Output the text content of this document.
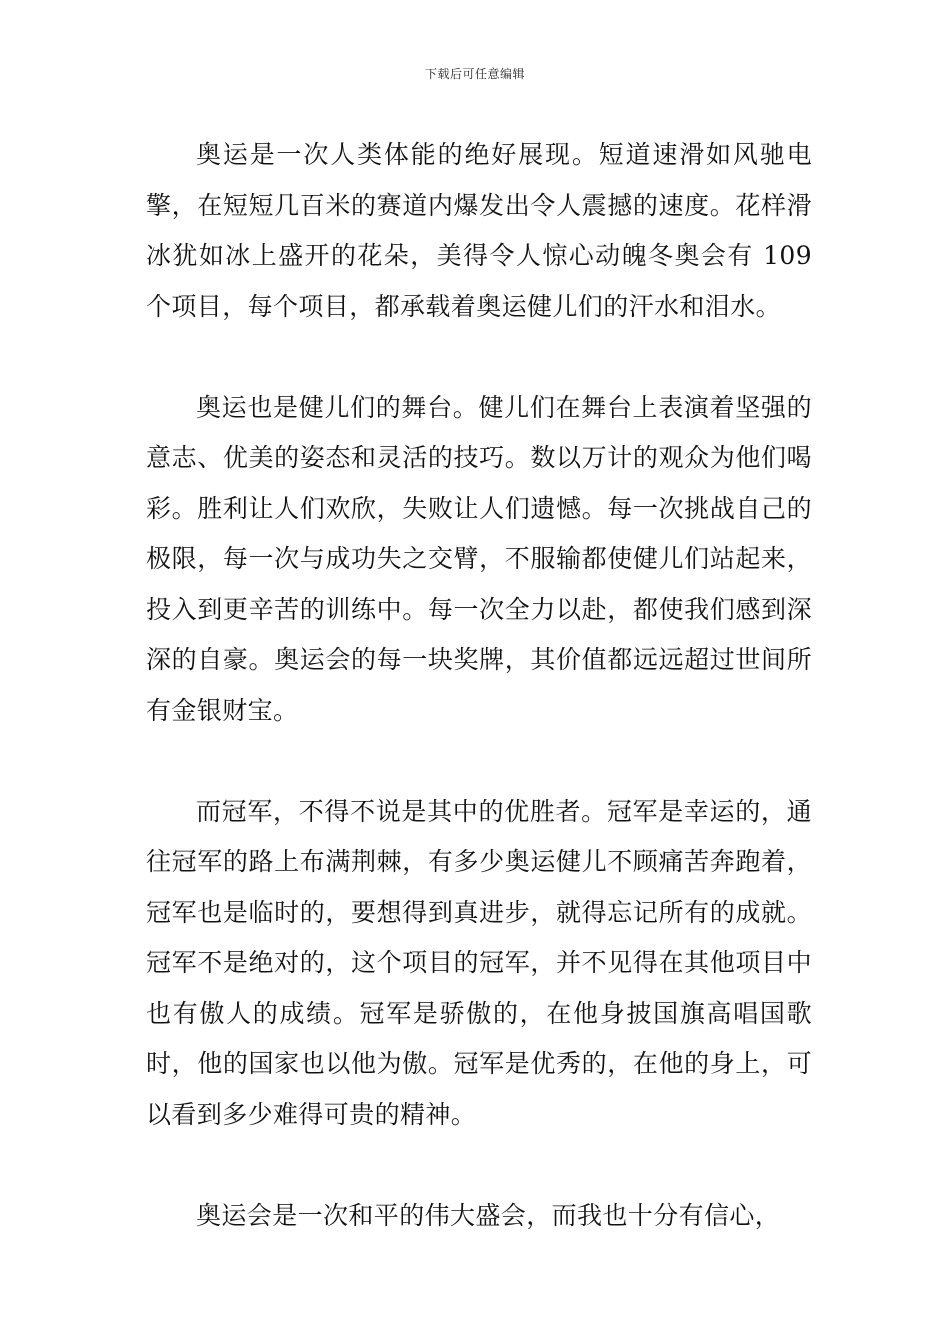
下载后可任意编辑

奥运是一次人类体能的绝好展现。短道速滑如风驰电擎，在短短几百米的赛道内爆发出令人震撼的速度。花样滑冰犹如冰上盛开的花朵，美得令人惊心动魄冬奥会有 109 个项目，每个项目，都承载着奥运健儿们的汗水和泪水。

奥运也是健儿们的舞台。健儿们在舞台上表演着坚强的意志、优美的姿态和灵活的技巧。数以万计的观众为他们喝彩。胜利让人们欢欣，失败让人们遗憾。每一次挑战自己的极限，每一次与成功失之交臂，不服输都使健儿们站起来，投入到更辛苦的训练中。每一次全力以赴，都使我们感到深深的自豪。奥运会的每一块奖牌，其价值都远远超过世间所有金银财宝。

而冠军，不得不说是其中的优胜者。冠军是幸运的，通往冠军的路上布满荆棘，有多少奥运健儿不顾痛苦奔跑着，冠军也是临时的，要想得到真进步，就得忘记所有的成就。冠军不是绝对的，这个项目的冠军，并不见得在其他项目中也有傲人的成绩。冠军是骄傲的，在他身披国旗高唱国歌时，他的国家也以他为傲。冠军是优秀的，在他的身上，可以看到多少难得可贵的精神。

奥运会是一次和平的伟大盛会，而我也十分有信心，
